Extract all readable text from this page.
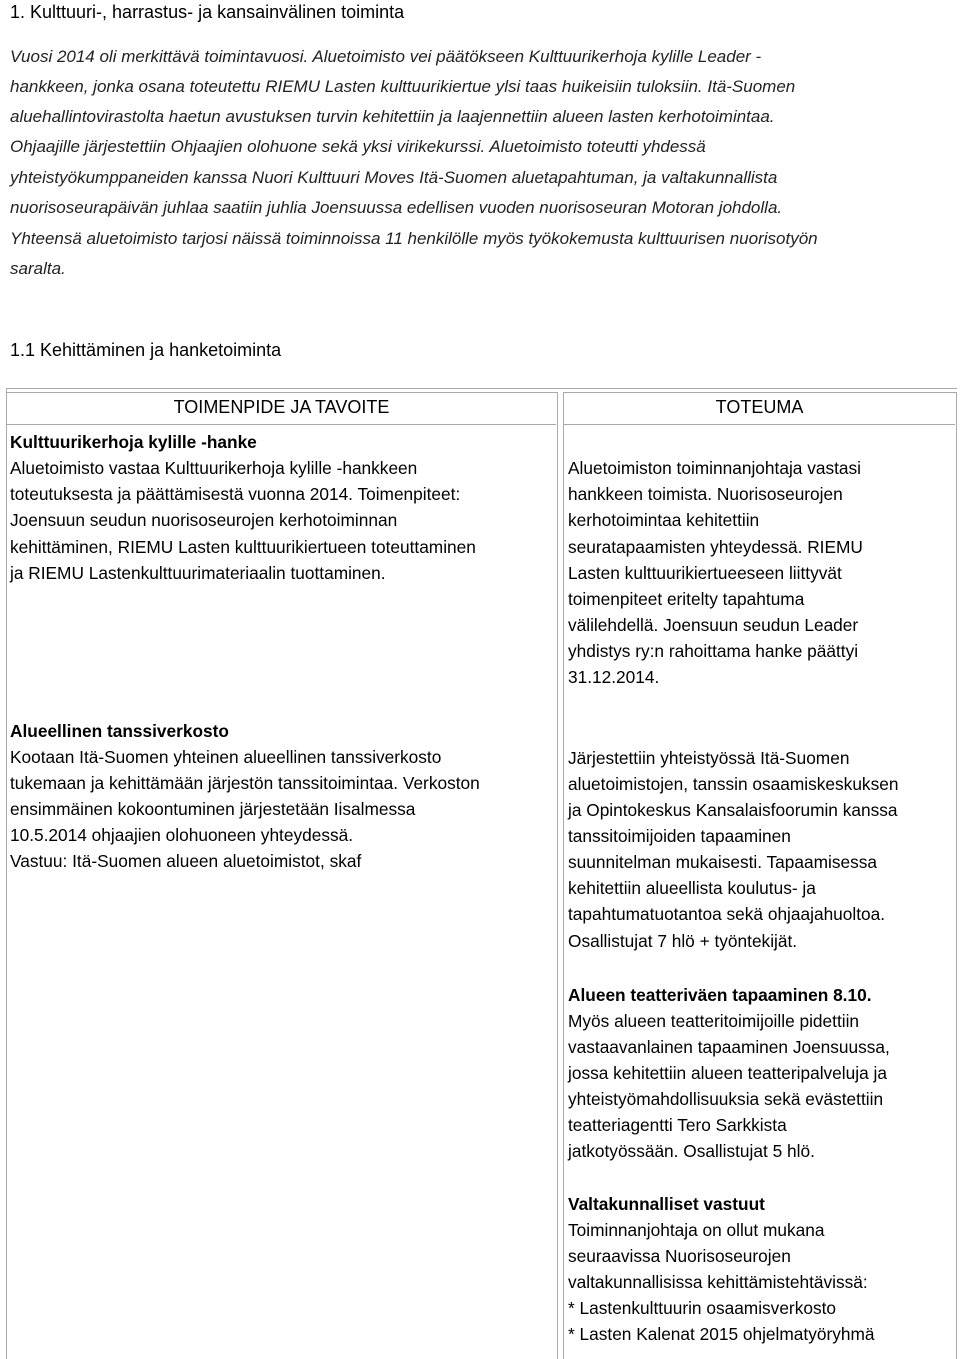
1. Kulttuuri-, harrastus- ja kansainvälinen toiminta
Vuosi 2014 oli merkittävä toimintavuosi. Aluetoimisto vei päätökseen Kulttuurikerhoja kylille Leader -
hankkeen, jonka osana toteutettu RIEMU Lasten kulttuurikiertue ylsi taas huikeisiin tuloksiin. Itä-Suomen
aluehallintovirastolta haetun avustuksen turvin kehitettiin ja laajennettiin alueen lasten kerhotoimintaa.
Ohjaajille järjestettiin Ohjaajien olohuone sekä yksi virikekurssi. Aluetoimisto toteutti yhdessä
yhteistyökumppaneiden kanssa Nuori Kulttuuri Moves Itä-Suomen aluetapahtuman, ja valtakunnallista
nuorisoseurapäivän juhlaa saatiin juhlia Joensuussa edellisen vuoden nuorisoseuran Motoran johdolla.
Yhteensä aluetoimisto tarjosi näissä toiminnoissa 11 henkilölle myös työkokemusta kulttuurisen nuorisotyön
saralta.
1.1 Kehittäminen ja hanketoiminta
TOIMENPIDE JA TAVOITE	TOTEUMA
Kulttuurikerhoja kylille -hanke
Aluetoimisto vastaa Kulttuurikerhoja kylille -hankkeen
toteutuksesta ja päättämisestä vuonna 2014. Toimenpiteet:
Joensuun seudun nuorisoseurojen kerhotoiminnan
kehittäminen, RIEMU Lasten kulttuurikiertueen toteuttaminen
ja RIEMU Lastenkulttuurimateriaalin tuottaminen.
Alueellinen tanssiverkosto
Kootaan Itä-Suomen yhteinen alueellinen tanssiverkosto
tukemaan ja kehittämään järjestön tanssitoimintaa. Verkoston
ensimmäinen kokoontuminen järjestetään Iisalmessa
10.5.2014 ohjaajien olohuoneen yhteydessä.
Vastuu: Itä-Suomen alueen aluetoimistot, skaf
Aluetoimiston toiminnanjohtaja vastasi
hankkeen toimista. Nuorisoseurojen
kerhotoimintaa kehitettiin
seuratapaamisten yhteydessä. RIEMU
Lasten kulttuurikiertueeseen liittyvät
toimenpiteet eritelty tapahtuma
välilehdellä. Joensuun seudun Leader
yhdistys ry:n rahoittama hanke päättyi
31.12.2014.
Järjestettiin yhteistyössä Itä-Suomen
aluetoimistojen, tanssin osaamiskeskuksen
ja Opintokeskus Kansalaisfoorumin kanssa
tanssitoimijoiden tapaaminen
suunnitelman mukaisesti. Tapaamisessa
kehitettiin alueellista koulutus- ja
tapahtumatuotantoa sekä ohjaajahuoltoa.
Osallistujat 7 hlö + työntekijät.
Alueen teatteriväen tapaaminen 8.10.
Myös alueen teatteritoimijoille pidettiin
vastaavanlainen tapaaminen Joensuussa,
jossa kehitettiin alueen teatteripalveluja ja
yhteistyömahdollisuuksia sekä evästettiin
teatteriagentti Tero Sarkkista
jatkotyössään. Osallistujat 5 hlö.
Valtakunnalliset vastuut
Toiminnanjohtaja on ollut mukana
seuraavissa Nuorisoseurojen
valtakunnallisissa kehittämistehtävissä:
* Lastenkulttuurin osaamisverkosto
* Lasten Kalenat 2015 ohjelmatyöryhmä
